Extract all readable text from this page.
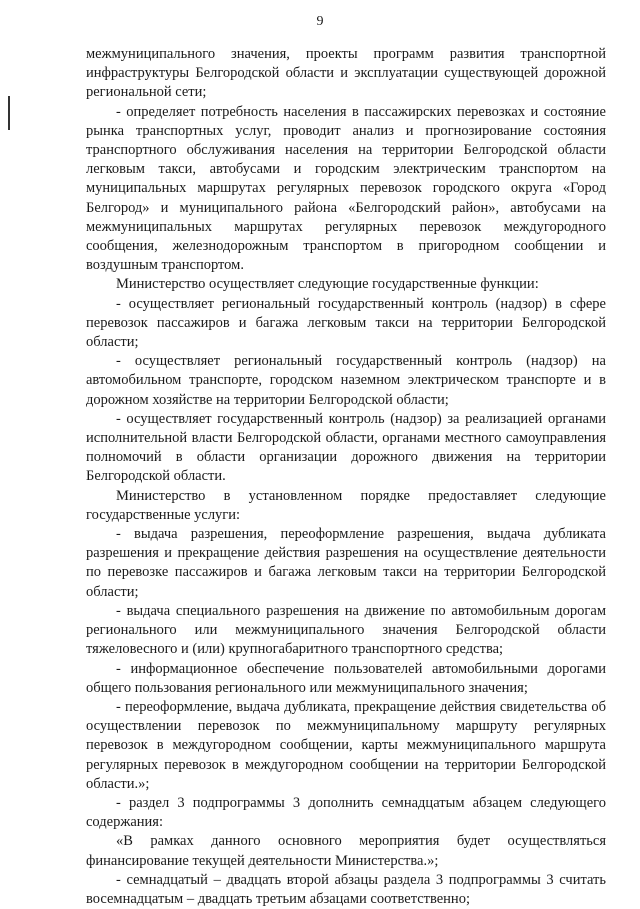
9

межмуниципального значения, проекты программ развития транспортной инфраструктуры Белгородской области и эксплуатации существующей дорожной региональной сети;

- определяет потребность населения в пассажирских перевозках и состояние рынка транспортных услуг, проводит анализ и прогнозирование состояния транспортного обслуживания населения на территории Белгородской области легковым такси, автобусами и городским электрическим транспортом на муниципальных маршрутах регулярных перевозок городского округа «Город Белгород» и муниципального района «Белгородский район», автобусами на межмуниципальных маршрутах регулярных перевозок междугородного сообщения, железнодорожным транспортом в пригородном сообщении и воздушным транспортом.

Министерство осуществляет следующие государственные функции:

- осуществляет региональный государственный контроль (надзор) в сфере перевозок пассажиров и багажа легковым такси на территории Белгородской области;

- осуществляет региональный государственный контроль (надзор) на автомобильном транспорте, городском наземном электрическом транспорте и в дорожном хозяйстве на территории Белгородской области;

- осуществляет государственный контроль (надзор) за реализацией органами исполнительной власти Белгородской области, органами местного самоуправления полномочий в области организации дорожного движения на территории Белгородской области.

Министерство в установленном порядке предоставляет следующие государственные услуги:

- выдача разрешения, переоформление разрешения, выдача дубликата разрешения и прекращение действия разрешения на осуществление деятельности по перевозке пассажиров и багажа легковым такси на территории Белгородской области;

- выдача специального разрешения на движение по автомобильным дорогам регионального или межмуниципального значения Белгородской области тяжеловесного и (или) крупногабаритного транспортного средства;

- информационное обеспечение пользователей автомобильными дорогами общего пользования регионального или межмуниципального значения;

- переоформление, выдача дубликата, прекращение действия свидетельства об осуществлении перевозок по межмуниципальному маршруту регулярных перевозок в междугородном сообщении, карты межмуниципального маршрута регулярных перевозок в междугородном сообщении на территории Белгородской области.»;

- раздел 3 подпрограммы 3 дополнить семнадцатым абзацем следующего содержания:

«В рамках данного основного мероприятия будет осуществляться финансирование текущей деятельности Министерства.»;

- семнадцатый – двадцать второй абзацы раздела 3 подпрограммы 3 считать восемнадцатым – двадцать третьим абзацами соответственно;
